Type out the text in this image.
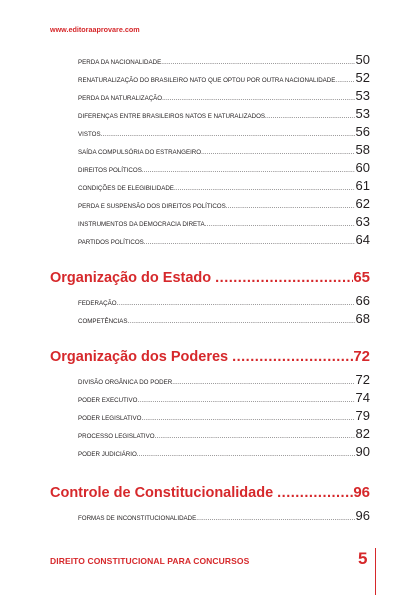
www.editoraaprovare.com
PERDA DA NACIONALIDADE .....	50
RENATURALIZAÇÃO DO BRASILEIRO NATO QUE OPTOU POR OUTRA NACIONALIDADE ..... 52
PERDA DA NATURALIZAÇÃO .....	53
DIFERENÇAS ENTRE BRASILEIROS NATOS E NATURALIZADOS .....	53
VISTOS .....	56
SAÍDA COMPULSÓRIA DO ESTRANGEIRO .....	58
DIREITOS POLÍTICOS .....	60
CONDIÇÕES DE ELEGIBILIDADE .....	61
PERDA E SUSPENSÃO DOS DIREITOS POLÍTICOS .....	62
INSTRUMENTOS DA DEMOCRACIA DIRETA .....	63
PARTIDOS POLÍTICOS .....	64
Organização do Estado .....	65
FEDERAÇÃO .....	66
COMPETÊNCIAS .....	68
Organização dos Poderes .....	72
DIVISÃO ORGÂNICA DO PODER .....	72
PODER EXECUTIVO .....	74
PODER LEGISLATIVO .....	79
PROCESSO LEGISLATIVO .....	82
PODER JUDICIÁRIO .....	90
Controle de Constitucionalidade .....	96
FORMAS DE INCONSTITUCIONALIDADE .....	96
DIREITO CONSTITUCIONAL PARA CONCURSOS	5
